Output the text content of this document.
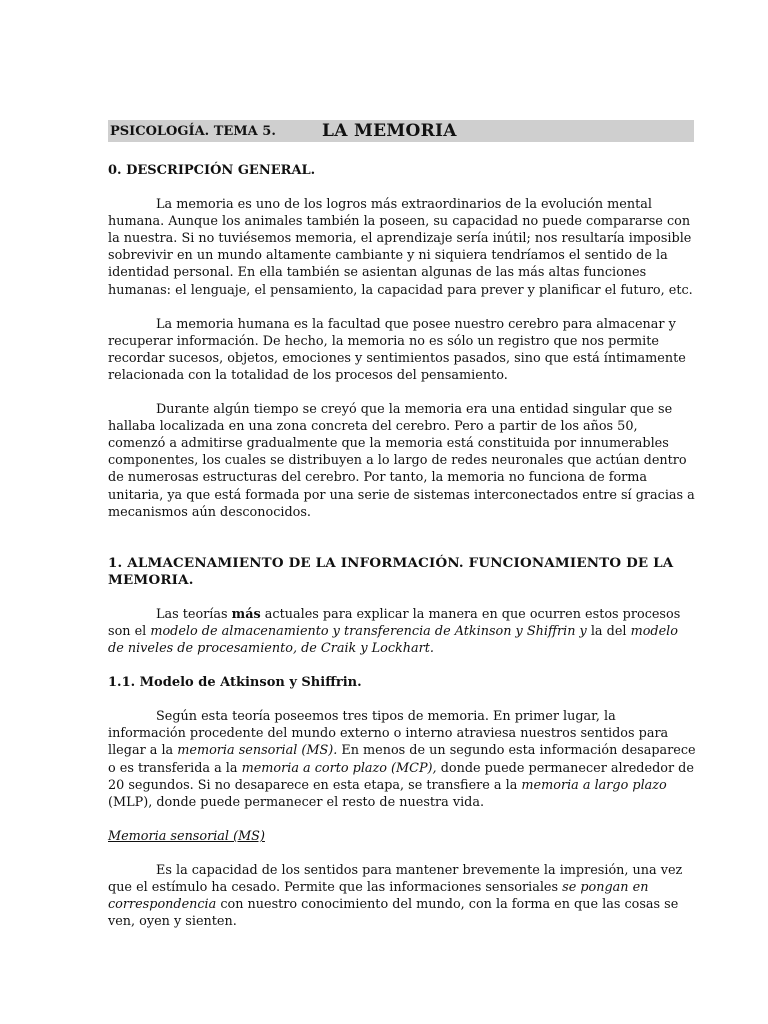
PSICOLOGÍA. TEMA 5.	LA MEMORIA

0. DESCRIPCIÓN GENERAL.

La memoria es uno de los logros más extraordinarios de la evolución mental humana. Aunque los animales también la poseen, su capacidad no puede compararse con la nuestra. Si no tuviésemos memoria, el aprendizaje sería inútil; nos resultaría imposible sobrevivir en un mundo altamente cambiante y ni siquiera tendríamos el sentido de la identidad personal. En ella también se asientan algunas de las más altas funciones humanas: el lenguaje, el pensamiento, la capacidad para prever y planificar el futuro, etc.

La memoria humana es la facultad que posee nuestro cerebro para almacenar y recuperar información. De hecho, la memoria no es sólo un registro que nos permite recordar sucesos, objetos, emociones y sentimientos pasados, sino que está íntimamente relacionada con la totalidad de los procesos del pensamiento.

Durante algún tiempo se creyó que la memoria era una entidad singular que se hallaba localizada en una zona concreta del cerebro. Pero a partir de los años 50, comenzó a admitirse gradualmente que la memoria está constituida por innumerables componentes, los cuales se distribuyen a lo largo de redes neuronales que actúan dentro de numerosas estructuras del cerebro. Por tanto, la memoria no funciona de forma unitaria, ya que está formada por una serie de sistemas interconectados entre sí gracias a mecanismos aún desconocidos.

1. ALMACENAMIENTO DE LA INFORMACIÓN. FUNCIONAMIENTO DE LA MEMORIA.

Las teorías más actuales para explicar la manera en que ocurren estos procesos son el modelo de almacenamiento y transferencia de Atkinson y Shiffrin y la del modelo de niveles de procesamiento, de Craik y Lockhart.

1.1. Modelo de Atkinson y Shiffrin.

Según esta teoría poseemos tres tipos de memoria. En primer lugar, la información procedente del mundo externo o interno atraviesa nuestros sentidos para llegar a la memoria sensorial (MS). En menos de un segundo esta información desaparece o es transferida a la memoria a corto plazo (MCP), donde puede permanecer alrededor de 20 segundos. Si no desaparece en esta etapa, se transfiere a la memoria a largo plazo (MLP), donde puede permanecer el resto de nuestra vida.

Memoria sensorial (MS)

Es la capacidad de los sentidos para mantener brevemente la impresión, una vez que el estímulo ha cesado. Permite que las informaciones sensoriales se pongan en correspondencia con nuestro conocimiento del mundo, con la forma en que las cosas se ven, oyen y sienten.
